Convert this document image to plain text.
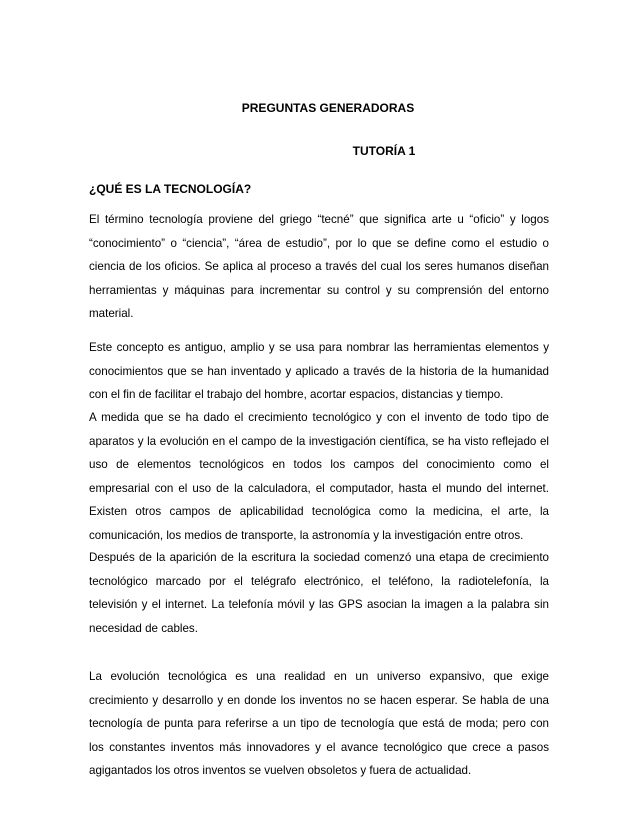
PREGUNTAS GENERADORAS
TUTORÍA 1
¿QUÉ ES LA TECNOLOGÍA?

El término tecnología proviene del griego “tecné” que significa arte u “oficio” y logos “conocimiento” o “ciencia”, “área de estudio”, por lo que se define como el estudio o ciencia de los oficios. Se aplica al proceso a través del cual los seres humanos diseñan herramientas y máquinas para incrementar su control y su comprensión del entorno material.

Este concepto es antiguo, amplio y se usa para nombrar las herramientas elementos y conocimientos que se han inventado y aplicado a través de la historia de la humanidad con el fin de facilitar el trabajo del hombre, acortar espacios, distancias y tiempo.

A medida que se ha dado el crecimiento tecnológico y con el invento de todo tipo de aparatos y la evolución en el campo de la investigación científica, se ha visto reflejado el uso de elementos tecnológicos en todos los campos del conocimiento como el empresarial con el uso de la calculadora, el computador, hasta el mundo del internet. Existen otros campos de aplicabilidad tecnológica como la medicina, el arte, la comunicación, los medios de transporte, la astronomía y la investigación entre otros.

Después de la aparición de la escritura la sociedad comenzó una etapa de crecimiento tecnológico marcado por el telégrafo electrónico, el teléfono, la radiotelefonía, la televisión y el internet. La telefonía móvil y las GPS asocian la imagen a la palabra sin necesidad de cables.

La evolución tecnológica es una realidad en un universo expansivo, que exige crecimiento y desarrollo y en donde los inventos no se hacen esperar. Se habla de una tecnología de punta para referirse a un tipo de tecnología que está de moda; pero con los constantes inventos más innovadores y el avance tecnológico que crece a pasos agigantados los otros inventos se vuelven obsoletos y fuera de actualidad.
